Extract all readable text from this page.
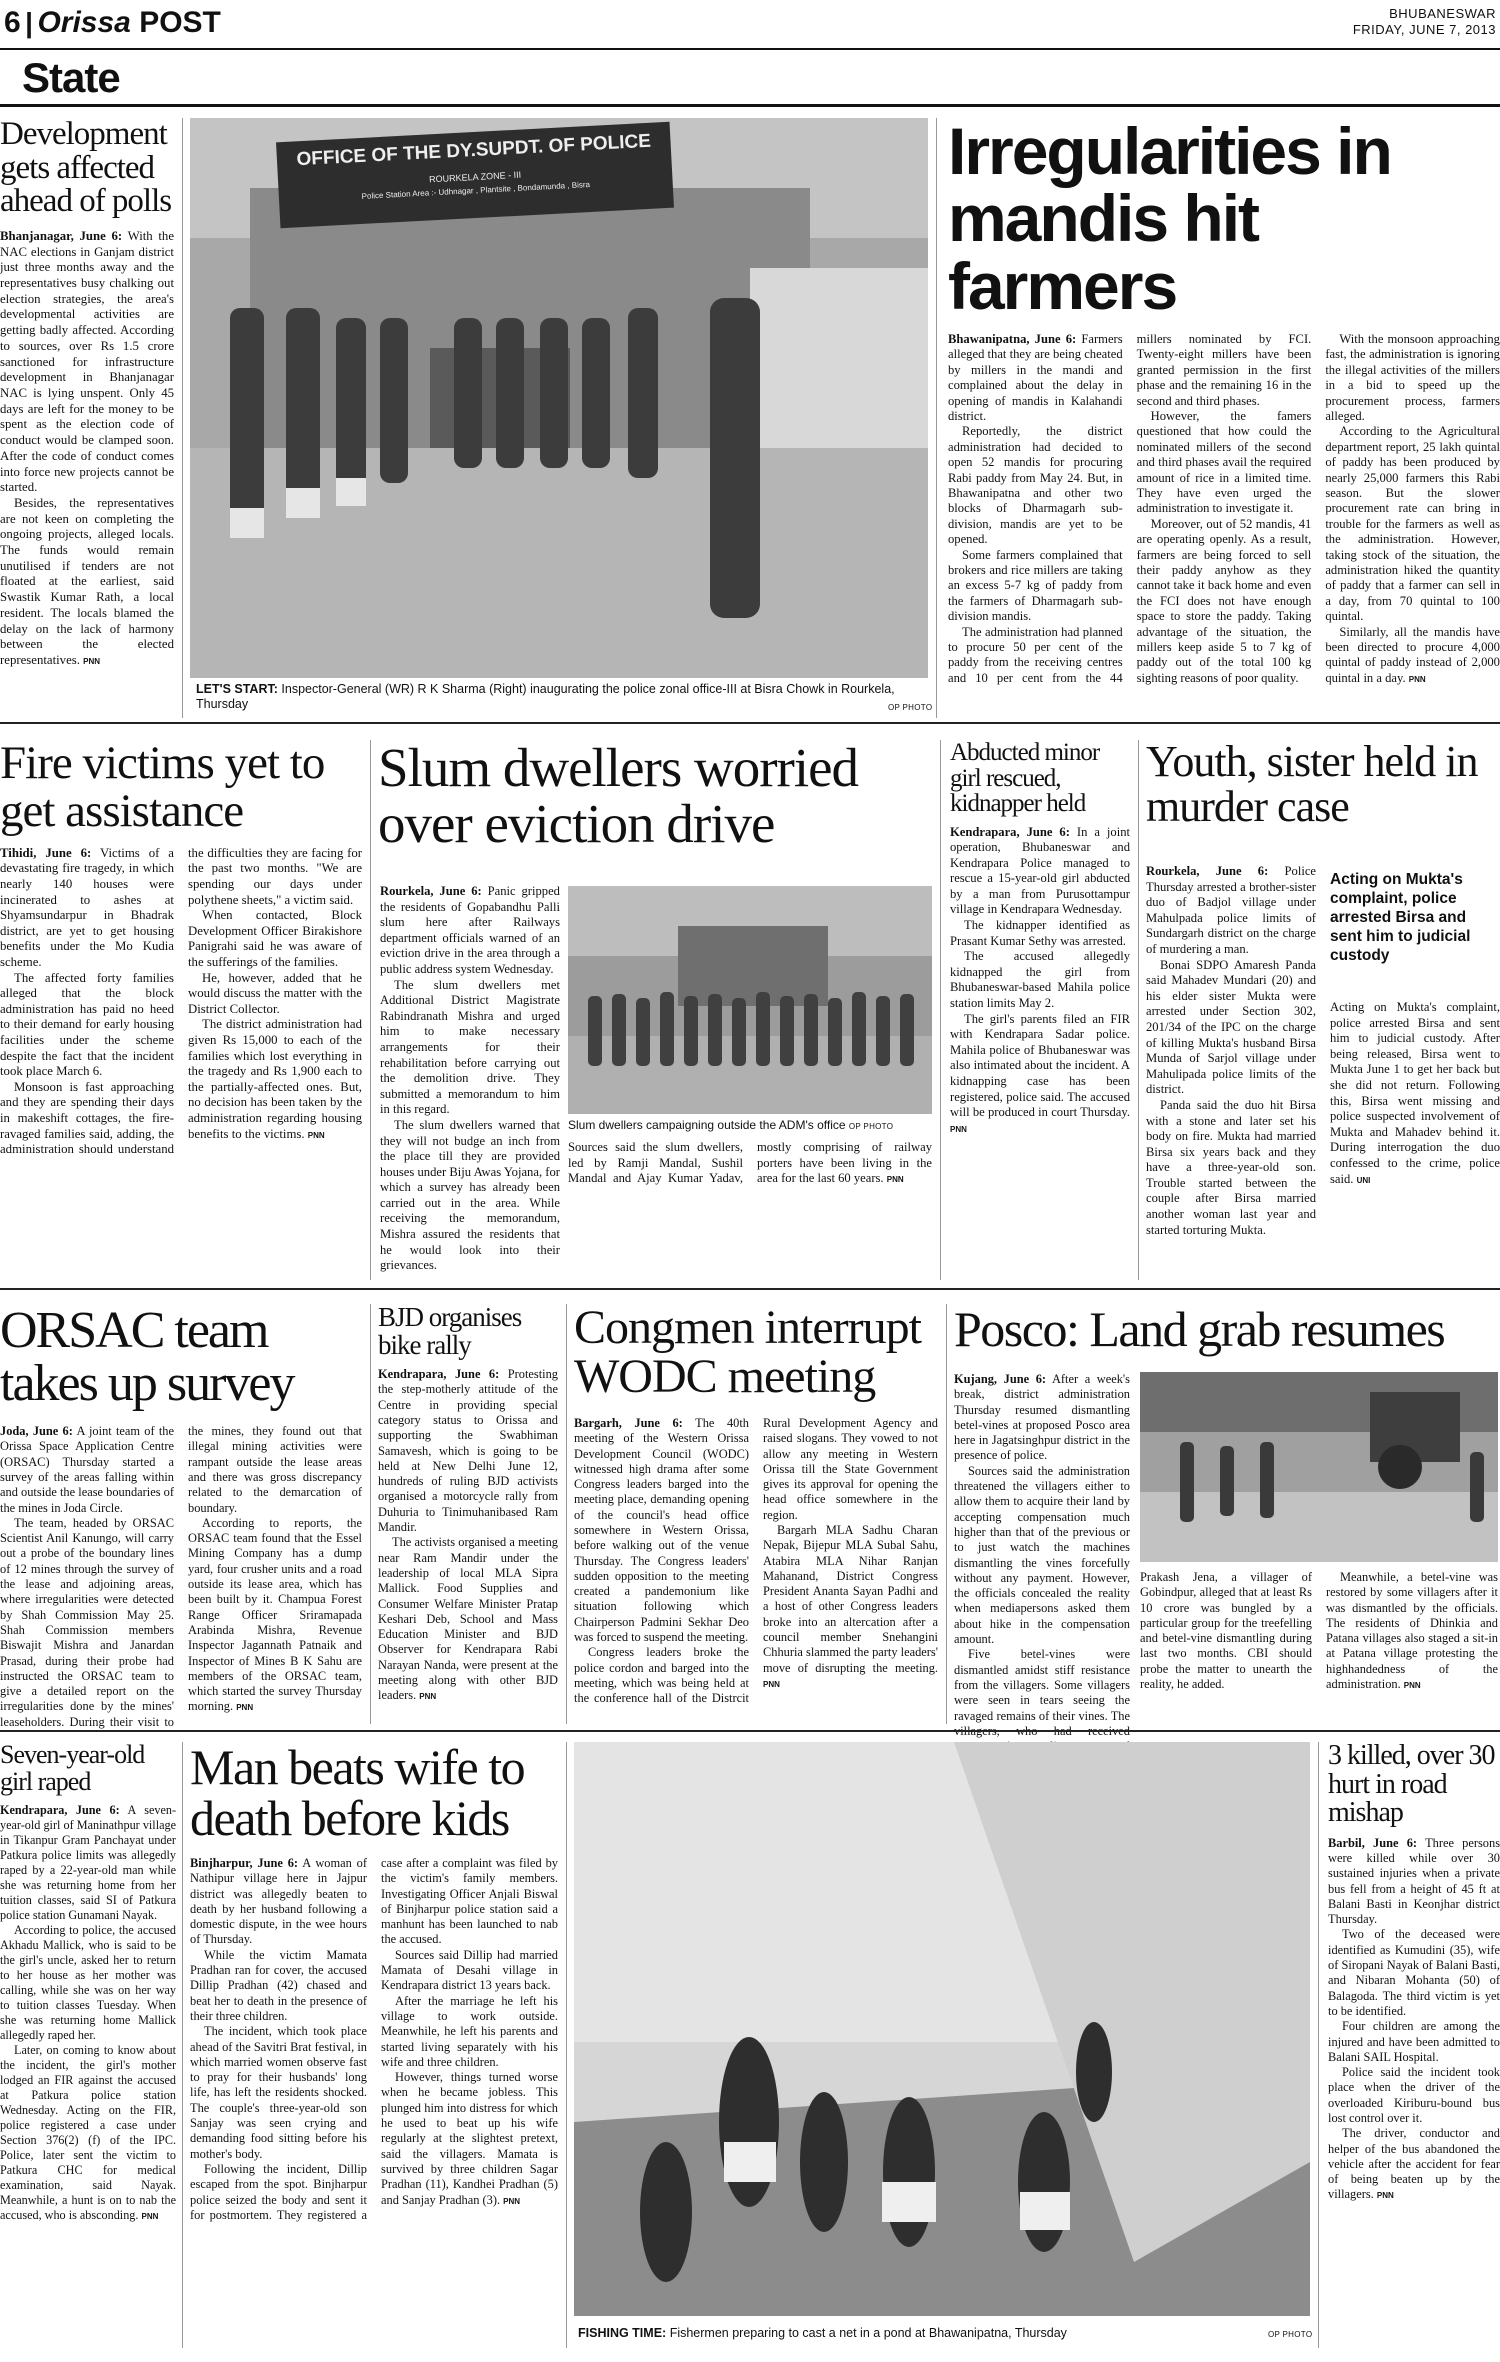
6 | Orissa POST	BHUBANESWAR
FRIDAY, JUNE 7, 2013
State
Development gets affected ahead of polls

Bhanjanagar, June 6: With the NAC elections in Ganjam district just three months away and the representatives busy chalking out election strategies, the area's developmental activities are getting badly affected. According to sources, over Rs 1.5 crore sanctioned for infrastructure development in Bhanjanagar NAC is lying unspent. Only 45 days are left for the money to be spent as the election code of conduct would be clamped soon. After the code of conduct comes into force new projects cannot be started.

Besides, the representatives are not keen on completing the ongoing projects, alleged locals. The funds would remain unutilised if tenders are not floated at the earliest, said Swastik Kumar Rath, a local resident. The locals blamed the delay on the lack of harmony between the elected representatives. PNN

OFFICE OF THE DY.SUPDT. OF POLICE
ROURKELA ZONE - III
Police Station Area :- Udhnagar , Plantsite , Bondamunda , Bisra
LET'S START: Inspector-General (WR) R K Sharma (Right) inaugurating the police zonal office-III at Bisra Chowk in Rourkela, Thursday	OP PHOTO
Irregularities in mandis hit farmers

Bhawanipatna, June 6: Farmers alleged that they are being cheated by millers in the mandi and complained about the delay in opening of mandis in Kalahandi district.

Reportedly, the district administration had decided to open 52 mandis for procuring Rabi paddy from May 24. But, in Bhawanipatna and other two blocks of Dharmagarh sub-division, mandis are yet to be opened.

Some farmers complained that brokers and rice millers are taking an excess 5-7 kg of paddy from the farmers of Dharmagarh sub-division mandis.

The administration had planned to procure 50 per cent of the paddy from the receiving centres and 10 per cent from the 44 millers nominated by FCI. Twenty-eight millers have been granted permission in the first phase and the remaining 16 in the second and third phases.

However, the famers questioned that how could the nominated millers of the second and third phases avail the required amount of rice in a limited time. They have even urged the administration to investigate it.

Moreover, out of 52 mandis, 41 are operating openly. As a result, farmers are being forced to sell their paddy anyhow as they cannot take it back home and even the FCI does not have enough space to store the paddy. Taking advantage of the situation, the millers keep aside 5 to 7 kg of paddy out of the total 100 kg sighting reasons of poor quality.

With the monsoon approaching fast, the administration is ignoring the illegal activities of the millers in a bid to speed up the procurement process, farmers alleged.

According to the Agricultural department report, 25 lakh quintal of paddy has been produced by nearly 25,000 farmers this Rabi season. But the slower procurement rate can bring in trouble for the farmers as well as the administration. However, taking stock of the situation, the administration hiked the quantity of paddy that a farmer can sell in a day, from 70 quintal to 100 quintal.

Similarly, all the mandis have been directed to procure 4,000 quintal of paddy instead of 2,000 quintal in a day. PNN

Fire victims yet to get assistance

Tihidi, June 6: Victims of a devastating fire tragedy, in which nearly 140 houses were incinerated to ashes at Shyamsundarpur in Bhadrak district, are yet to get housing benefits under the Mo Kudia scheme.

The affected forty families alleged that the block administration has paid no heed to their demand for early housing facilities under the scheme despite the fact that the incident took place March 6.

Monsoon is fast approaching and they are spending their days in makeshift cottages, the fire-ravaged families said, adding, the administration should understand the difficulties they are facing for the past two months. "We are spending our days under polythene sheets," a victim said.

When contacted, Block Development Officer Birakishore Panigrahi said he was aware of the sufferings of the families.

He, however, added that he would discuss the matter with the District Collector.

The district administration had given Rs 15,000 to each of the families which lost everything in the tragedy and Rs 1,900 each to the partially-affected ones. But, no decision has been taken by the administration regarding housing benefits to the victims. PNN

Slum dwellers worried over eviction drive

Rourkela, June 6: Panic gripped the residents of Gopabandhu Palli slum here after Railways department officials warned of an eviction drive in the area through a public address system Wednesday.

The slum dwellers met Additional District Magistrate Rabindranath Mishra and urged him to make necessary arrangements for their rehabilitation before carrying out the demolition drive. They submitted a memorandum to him in this regard.

The slum dwellers warned that they will not budge an inch from the place till they are provided houses under Biju Awas Yojana, for which a survey has already been carried out in the area. While receiving the memorandum, Mishra assured the residents that he would look into their grievances.

Slum dwellers campaigning outside the ADM's office OP PHOTO

Sources said the slum dwellers, led by Ramji Mandal, Sushil Mandal and Ajay Kumar Yadav, mostly comprising of railway porters have been living in the area for the last 60 years. PNN

Abducted minor girl rescued, kidnapper held

Kendrapara, June 6: In a joint operation, Bhubaneswar and Kendrapara Police managed to rescue a 15-year-old girl abducted by a man from Purusottampur village in Kendrapara Wednesday.

The kidnapper identified as Prasant Kumar Sethy was arrested.

The accused allegedly kidnapped the girl from Bhubaneswar-based Mahila police station limits May 2.

The girl's parents filed an FIR with Kendrapara Sadar police. Mahila police of Bhubaneswar was also intimated about the incident. A kidnapping case has been registered, police said. The accused will be produced in court Thursday. PNN

Youth, sister held in murder case

Rourkela, June 6: Police Thursday arrested a brother-sister duo of Badjol village under Mahulpada police limits of Sundargarh district on the charge of murdering a man.

Bonai SDPO Amaresh Panda said Mahadev Mundari (20) and his elder sister Mukta were arrested under Section 302, 201/34 of the IPC on the charge of killing Mukta's husband Birsa Munda of Sarjol village under Mahulipada police limits of the district.

Panda said the duo hit Birsa with a stone and later set his body on fire. Mukta had married Birsa six years back and they have a three-year-old son. Trouble started between the couple after Birsa married another woman last year and started torturing Mukta.

Acting on Mukta's complaint, police arrested Birsa and sent him to judicial custody

Acting on Mukta's complaint, police arrested Birsa and sent him to judicial custody. After being released, Birsa went to Mukta June 1 to get her back but she did not return. Following this, Birsa went missing and police suspected involvement of Mukta and Mahadev behind it. During interrogation the duo confessed to the crime, police said. UNI

ORSAC team takes up survey

Joda, June 6: A joint team of the Orissa Space Application Centre (ORSAC) Thursday started a survey of the areas falling within and outside the lease boundaries of the mines in Joda Circle.

The team, headed by ORSAC Scientist Anil Kanungo, will carry out a probe of the boundary lines of 12 mines through the survey of the lease and adjoining areas, where irregularities were detected by Shah Commission May 25. Shah Commission members Biswajit Mishra and Janardan Prasad, during their probe had instructed the ORSAC team to give a detailed report on the irregularities done by the mines' leaseholders. During their visit to the mines, they found out that illegal mining activities were rampant outside the lease areas and there was gross discrepancy related to the demarcation of boundary.

According to reports, the ORSAC team found that the Essel Mining Company has a dump yard, four crusher units and a road outside its lease area, which has been built by it. Champua Forest Range Officer Sriramapada Arabinda Mishra, Revenue Inspector Jagannath Patnaik and Inspector of Mines B K Sahu are members of the ORSAC team, which started the survey Thursday morning. PNN

BJD organises bike rally

Kendrapara, June 6: Protesting the step-motherly attitude of the Centre in providing special category status to Orissa and supporting the Swabhiman Samavesh, which is going to be held at New Delhi June 12, hundreds of ruling BJD activists organised a motorcycle rally from Duhuria to Tinimuhanibased Ram Mandir.

The activists organised a meeting near Ram Mandir under the leadership of local MLA Sipra Mallick. Food Supplies and Consumer Welfare Minister Pratap Keshari Deb, School and Mass Education Minister and BJD Observer for Kendrapara Rabi Narayan Nanda, were present at the meeting along with other BJD leaders. PNN

Congmen interrupt WODC meeting

Bargarh, June 6: The 40th meeting of the Western Orissa Development Council (WODC) witnessed high drama after some Congress leaders barged into the meeting place, demanding opening of the council's head office somewhere in Western Orissa, before walking out of the venue Thursday. The Congress leaders' sudden opposition to the meeting created a pandemonium like situation following which Chairperson Padmini Sekhar Deo was forced to suspend the meeting.

Congress leaders broke the police cordon and barged into the meeting, which was being held at the conference hall of the Distrcit Rural Development Agency and raised slogans. They vowed to not allow any meeting in Western Orissa till the State Government gives its approval for opening the head office somewhere in the region.

Bargarh MLA Sadhu Charan Nepak, Bijepur MLA Subal Sahu, Atabira MLA Nihar Ranjan Mahanand, District Congress President Ananta Sayan Padhi and a host of other Congress leaders broke into an altercation after a council member Snehangini Chhuria slammed the party leaders' move of disrupting the meeting. PNN

Posco: Land grab resumes

Kujang, June 6: After a week's break, district administration Thursday resumed dismantling betel-vines at proposed Posco area here in Jagatsinghpur district in the presence of police.

Sources said the administration threatened the villagers either to allow them to acquire their land by accepting compensation much higher than that of the previous or to just watch the machines dismantling the vines forcefully without any payment. However, the officials concealed the reality when mediapersons asked them about hike in the compensation amount.

Five betel-vines were dismantled amidst stiff resistance from the villagers. Some villagers were seen in tears seeing the ravaged remains of their vines. The

Prakash Jena, a villager of Gobindpur, alleged that at least Rs 10 crore was bungled by a particular group for the treefelling and betel-vine dismantling during last two months. CBI should probe the matter to unearth the reality, he added.

Meanwhile, a betel-vine was restored by some villagers after it was dismantled by the officials. The residents of Dhinkia and Patana villages also staged a sit-in at Patana village protesting the highhandedness of the administration. PNN

Seven-year-old girl raped

Kendrapara, June 6: A seven-year-old girl of Maninathpur village in Tikanpur Gram Panchayat under Patkura police limits was allegedly raped by a 22-year-old man while she was returning home from her tuition classes, said SI of Patkura police station Gunamani Nayak.

According to police, the accused Akhadu Mallick, who is said to be the girl's uncle, asked her to return to her house as her mother was calling, while she was on her way to tuition classes Tuesday. When she was returning home Mallick allegedly raped her.

Later, on coming to know about the incident, the girl's mother lodged an FIR against the accused at Patkura police station Wednesday. Acting on the FIR, police registered a case under Section 376(2) (f) of the IPC. Police, later sent the victim to Patkura CHC for medical examination, said Nayak. Meanwhile, a hunt is on to nab the accused, who is absconding. PNN

Man beats wife to death before kids

Binjharpur, June 6: A woman of Nathipur village here in Jajpur district was allegedly beaten to death by her husband following a domestic dispute, in the wee hours of Thursday.

While the victim Mamata Pradhan ran for cover, the accused Dillip Pradhan (42) chased and beat her to death in the presence of their three children.

The incident, which took place ahead of the Savitri Brat festival, in which married women observe fast to pray for their husbands' long life, has left the residents shocked. The couple's three-year-old son Sanjay was seen crying and demanding food sitting before his mother's body.

Following the incident, Dillip escaped from the spot. Binjharpur police seized the body and sent it for postmortem. They registered a case after a complaint was filed by the victim's family members. Investigating Officer Anjali Biswal of Binjharpur police station said a manhunt has been launched to nab the accused.

Sources said Dillip had married Mamata of Desahi village in Kendrapara district 13 years back.

After the marriage he left his village to work outside. Meanwhile, he left his parents and started living separately with his wife and three children.

However, things turned worse when he became jobless. This plunged him into distress for which he used to beat up his wife regularly at the slightest pretext, said the villagers. Mamata is survived by three children Sagar Pradhan (11), Kandhei Pradhan (5) and Sanjay Pradhan (3). PNN

FISHING TIME: Fishermen preparing to cast a net in a pond at Bhawanipatna, Thursday	OP PHOTO
3 killed, over 30 hurt in road mishap

Barbil, June 6: Three persons were killed while over 30 sustained injuries when a private bus fell from a height of 45 ft at Balani Basti in Keonjhar district Thursday.

Two of the deceased were identified as Kumudini (35), wife of Siropani Nayak of Balani Basti, and Nibaran Mohanta (50) of Balagoda. The third victim is yet to be identified.

Four children are among the injured and have been admitted to Balani SAIL Hospital.

Police said the incident took place when the driver of the overloaded Kiriburu-bound bus lost control over it.

The driver, conductor and helper of the bus abandoned the vehicle after the accident for fear of being beaten up by the villagers. PNN
